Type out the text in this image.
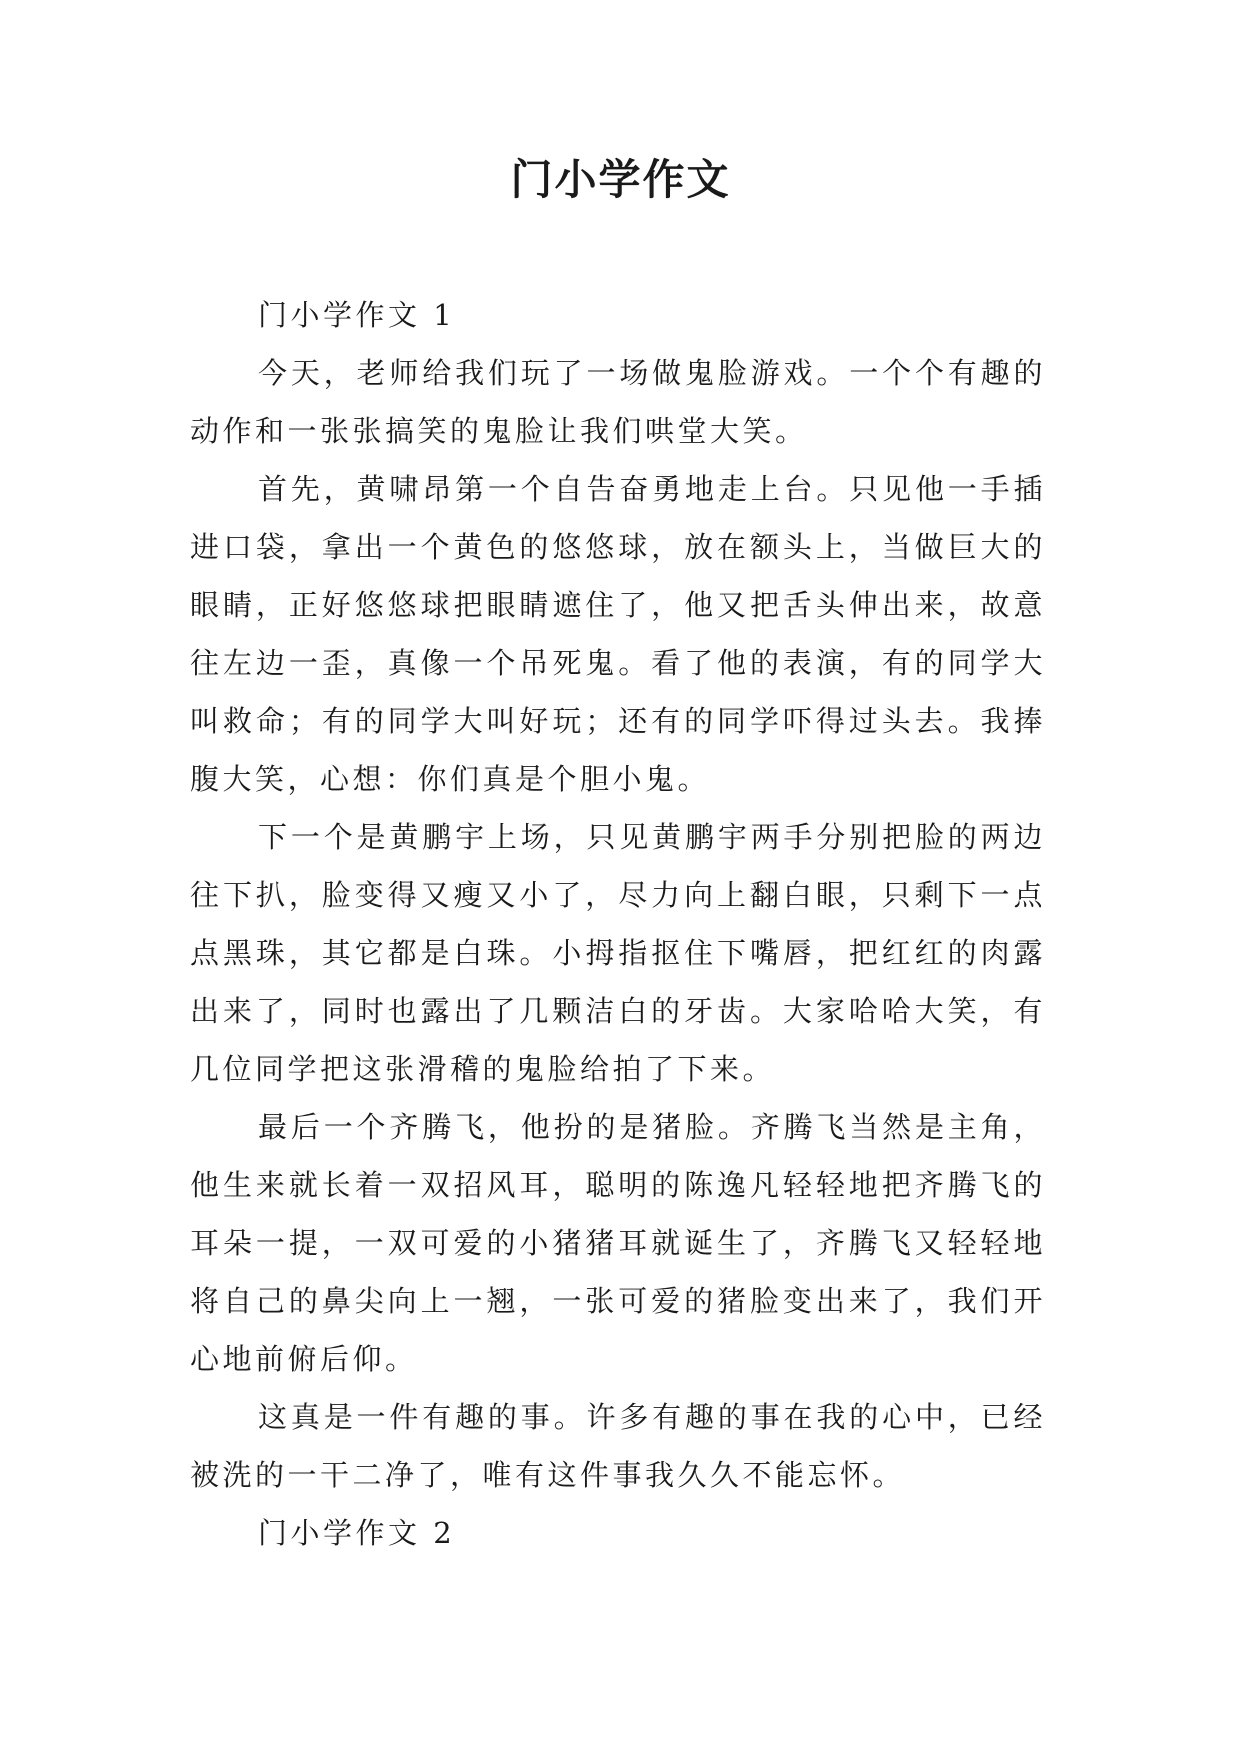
门小学作文

门小学作文 1

今天，老师给我们玩了一场做鬼脸游戏。一个个有趣的动作和一张张搞笑的鬼脸让我们哄堂大笑。

首先，黄啸昂第一个自告奋勇地走上台。只见他一手插进口袋，拿出一个黄色的悠悠球，放在额头上，当做巨大的眼睛，正好悠悠球把眼睛遮住了，他又把舌头伸出来，故意往左边一歪，真像一个吊死鬼。看了他的表演，有的同学大叫救命；有的同学大叫好玩；还有的同学吓得过头去。我捧腹大笑，心想：你们真是个胆小鬼。

下一个是黄鹏宇上场，只见黄鹏宇两手分别把脸的两边往下扒，脸变得又瘦又小了，尽力向上翻白眼，只剩下一点点黑珠，其它都是白珠。小拇指抠住下嘴唇，把红红的肉露出来了，同时也露出了几颗洁白的牙齿。大家哈哈大笑，有几位同学把这张滑稽的鬼脸给拍了下来。

最后一个齐腾飞，他扮的是猪脸。齐腾飞当然是主角，他生来就长着一双招风耳，聪明的陈逸凡轻轻地把齐腾飞的耳朵一提，一双可爱的小猪猪耳就诞生了，齐腾飞又轻轻地将自己的鼻尖向上一翘，一张可爱的猪脸变出来了，我们开心地前俯后仰。

这真是一件有趣的事。许多有趣的事在我的心中，已经被洗的一干二净了，唯有这件事我久久不能忘怀。

门小学作文 2
